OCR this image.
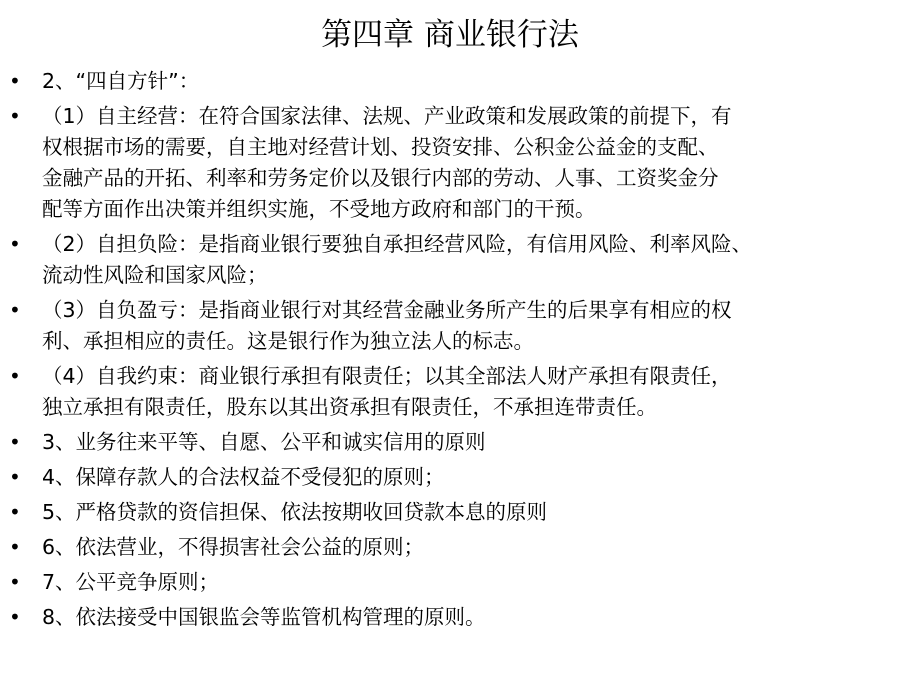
第四章 商业银行法
• 2、“四自方针”：
• （1）自主经营：在符合国家法律、法规、产业政策和发展政策的前提下，有
权根据市场的需要，自主地对经营计划、投资安排、公积金公益金的支配、
金融产品的开拓、利率和劳务定价以及银行内部的劳动、人事、工资奖金分
配等方面作出决策并组织实施，不受地方政府和部门的干预。
• （2）自担负险：是指商业银行要独自承担经营风险，有信用风险、利率风险、
流动性风险和国家风险；
• （3）自负盈亏：是指商业银行对其经营金融业务所产生的后果享有相应的权
利、承担相应的责任。这是银行作为独立法人的标志。
• （4）自我约束：商业银行承担有限责任；以其全部法人财产承担有限责任，
独立承担有限责任，股东以其出资承担有限责任，不承担连带责任。
• 3、业务往来平等、自愿、公平和诚实信用的原则
• 4、保障存款人的合法权益不受侵犯的原则；
• 5、严格贷款的资信担保、依法按期收回贷款本息的原则
• 6、依法营业，不得损害社会公益的原则；
• 7、公平竞争原则；
• 8、依法接受中国银监会等监管机构管理的原则。
